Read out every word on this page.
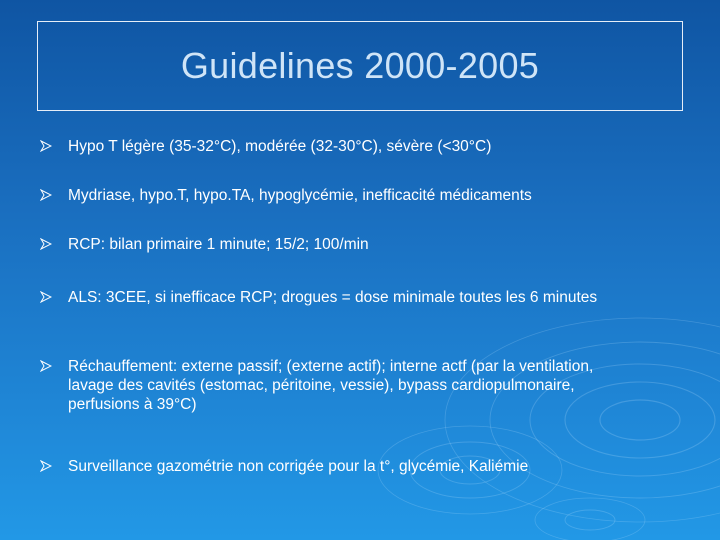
Guidelines 2000-2005
Hypo T légère (35-32°C), modérée (32-30°C), sévère (<30°C)
Mydriase, hypo.T, hypo.TA, hypoglycémie, inefficacité médicaments
RCP: bilan primaire 1 minute; 15/2; 100/min
ALS: 3CEE, si inefficace RCP; drogues = dose minimale toutes les 6 minutes
Réchauffement: externe passif; (externe actif); interne actf (par la ventilation, lavage des cavités (estomac, péritoine, vessie), bypass cardiopulmonaire, perfusions à 39°C)
Surveillance gazométrie non corrigée pour la t°, glycémie, Kaliémie
